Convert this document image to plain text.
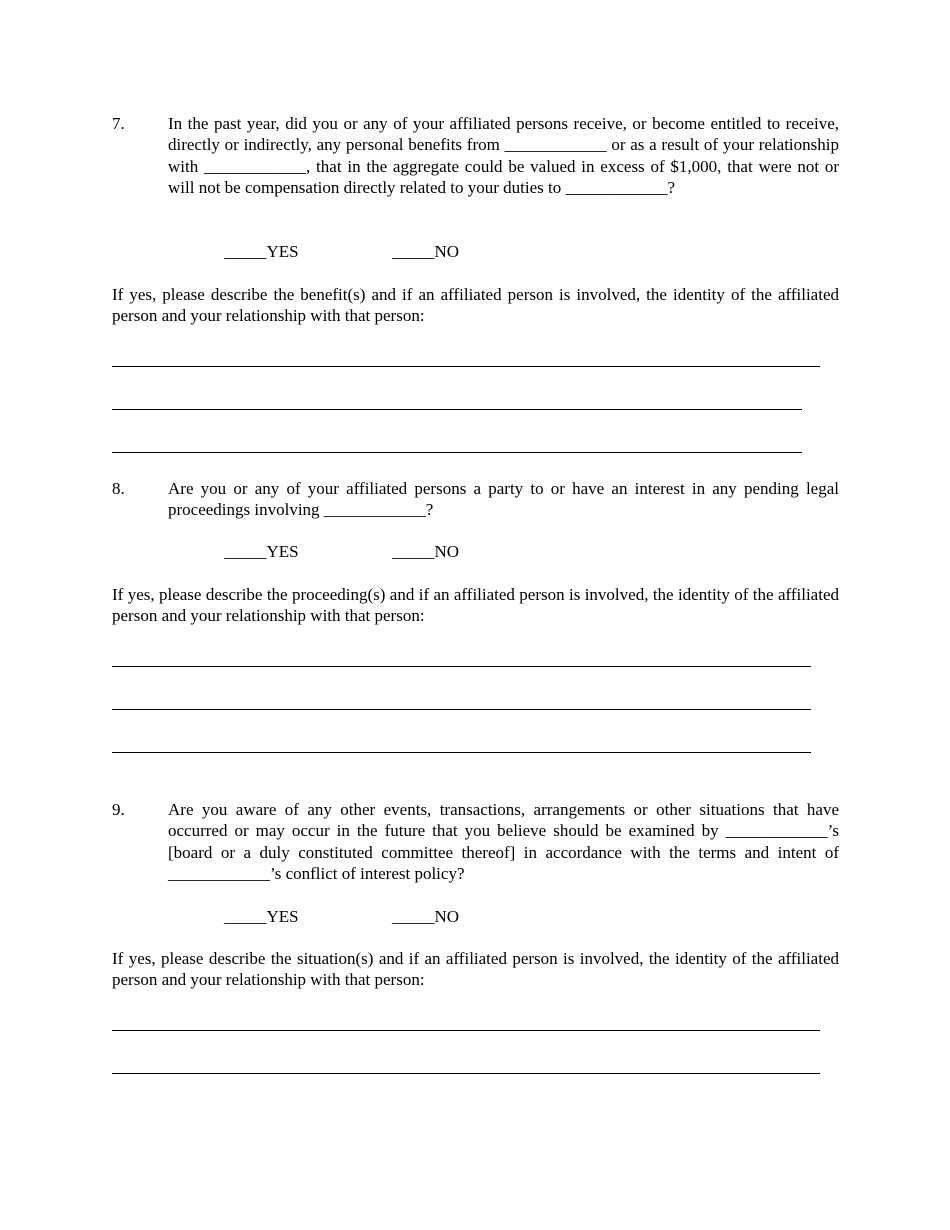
7.	In the past year, did you or any of your affiliated persons receive, or become entitled to receive, directly or indirectly, any personal benefits from ____________ or as a result of your relationship with ____________, that in the aggregate could be valued in excess of $1,000, that were not or will not be compensation directly related to your duties to ____________?
_____YES	_____NO
If yes, please describe the benefit(s) and if an affiliated person is involved, the identity of the affiliated person and your relationship with that person:
8.	Are you or any of your affiliated persons a party to or have an interest in any pending legal proceedings involving ____________?
_____YES	_____NO
If yes, please describe the proceeding(s) and if an affiliated person is involved, the identity of the affiliated person and your relationship with that person:
9.	Are you aware of any other events, transactions, arrangements or other situations that have occurred or may occur in the future that you believe should be examined by ____________’s [board or a duly constituted committee thereof] in accordance with the terms and intent of ____________’s conflict of interest policy?
_____YES	_____NO
If yes, please describe the situation(s) and if an affiliated person is involved, the identity of the affiliated person and your relationship with that person:
